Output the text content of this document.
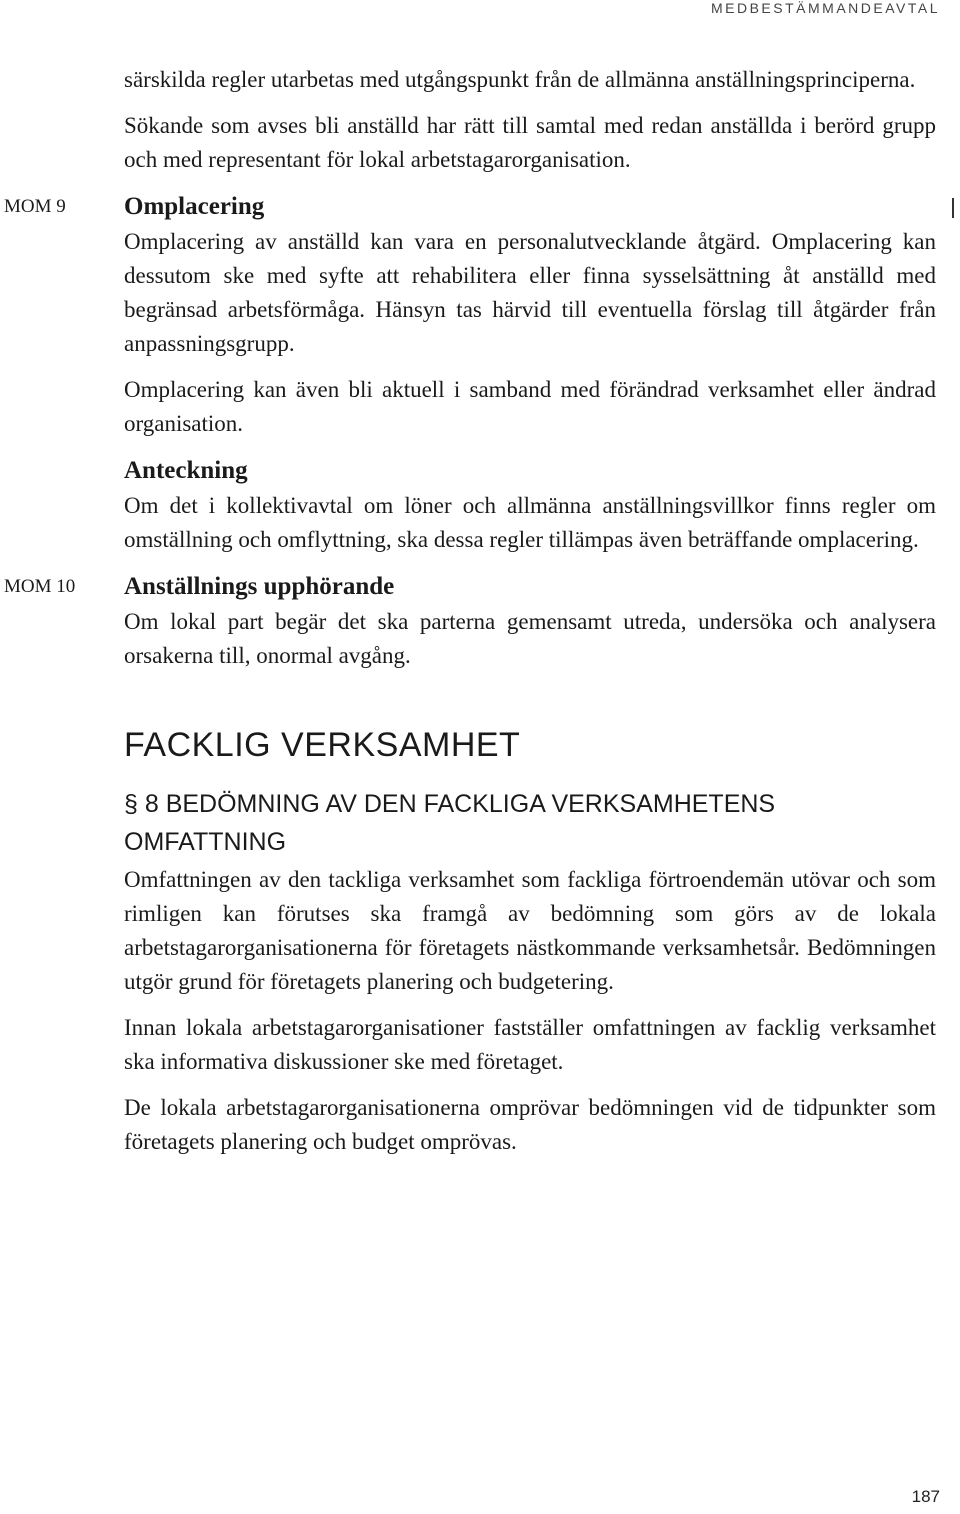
MEDBESTÄMMANDEAVTAL

särskilda regler utarbetas med utgångspunkt från de allmänna anställningsprinciperna.

Sökande som avses bli anställd har rätt till samtal med redan anställda i berörd grupp och med representant för lokal arbetstagarorganisation.

MOM 9 Omplacering

Omplacering av anställd kan vara en personalutvecklande åtgärd. Omplacering kan dessutom ske med syfte att rehabilitera eller finna sysselsättning åt anställd med begränsad arbetsförmåga. Hänsyn tas härvid till eventuella förslag till åtgärder från anpassningsgrupp.

Omplacering kan även bli aktuell i samband med förändrad verksamhet eller ändrad organisation.

Anteckning

Om det i kollektivavtal om löner och allmänna anställningsvillkor finns regler om omställning och omflyttning, ska dessa regler tillämpas även beträffande omplacering.

MOM 10 Anställnings upphörande

Om lokal part begär det ska parterna gemensamt utreda, undersöka och analysera orsakerna till, onormal avgång.

FACKLIG VERKSAMHET
§ 8 BEDÖMNING AV DEN FACKLIGA VERKSAMHETENS OMFATTNING

Omfattningen av den tackliga verksamhet som fackliga förtroendemän utövar och som rimligen kan förutses ska framgå av bedömning som görs av de lokala arbetstagarorganisationerna för företagets nästkommande verksamhetsår. Bedömningen utgör grund för företagets planering och budgetering.

Innan lokala arbetstagarorganisationer fastställer omfattningen av facklig verksamhet ska informativa diskussioner ske med företaget.

De lokala arbetstagarorganisationerna omprövar bedömningen vid de tidpunkter som företagets planering och budget omprövas.

187
